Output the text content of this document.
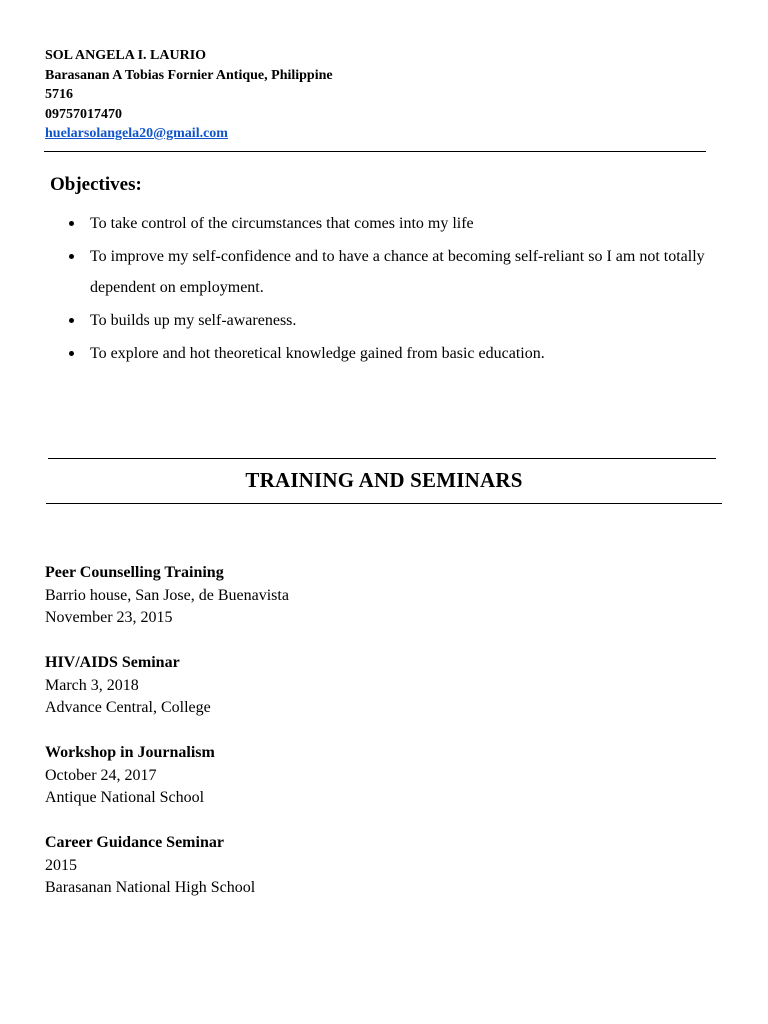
SOL ANGELA I. LAURIO
Barasanan A Tobias Fornier Antique, Philippine
5716
09757017470
huelarsolangela20@gmail.com
Objectives:
To take control of the circumstances that comes into my life
To improve my self-confidence and to have a chance at becoming self-reliant so I am not totally dependent on employment.
To builds up my self-awareness.
To explore and hot theoretical knowledge gained from basic education.
TRAINING AND SEMINARS
Peer Counselling Training
Barrio house, San Jose, de Buenavista
November 23, 2015
HIV/AIDS Seminar
March 3, 2018
Advance Central, College
Workshop in Journalism
October 24, 2017
Antique National School
Career Guidance Seminar
2015
Barasanan National High School
